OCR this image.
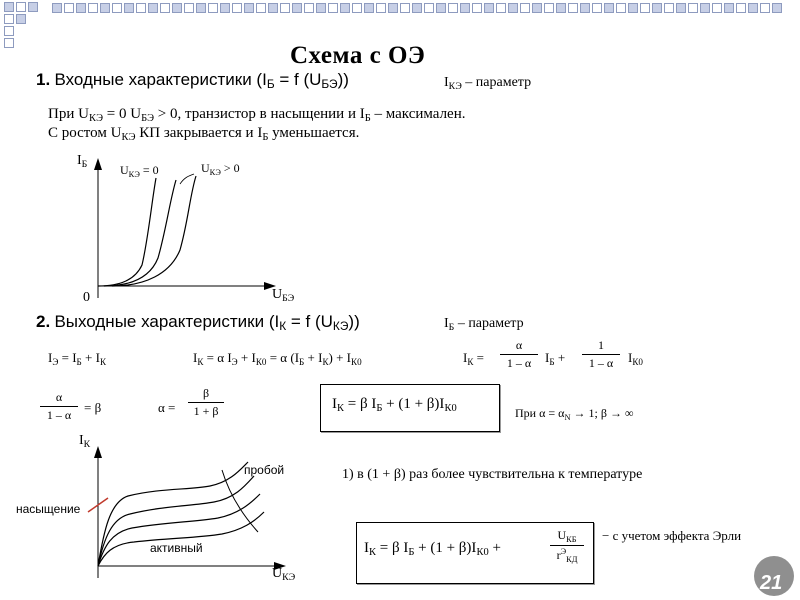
Схема с ОЭ
1. Входные характеристики ($I_Б = f$ $(U_{БЭ})$)	$I_{КЭ}$ – параметр
При $U_{КЭ} = 0$ $U_{БЭ} > 0$, транзистор в насыщении и $I_Б$ – максимален.
С ростом $U_{КЭ}$ КП закрывается и $I_Б$ уменьшается.
$I_Б$	$U_{КЭ} = 0$	$U_{КЭ} > 0$
0	$U_{БЭ}$
2. Выходные характеристики ($I_К = f$ $(U_{КЭ})$)	$I_Б$ – параметр
$I_Э = I_Б + I_К$	$I_К = \alpha$ $I_Э + I_{К0} = \alpha$ $(I_Б + I_К) + I_{К0}$	$I_К$ =
α
1 – α	$I_Б$ +
1
1 – α	$I_{К0}$
α
1 – α = β	α =
β
1 + β	$I_К = \beta$ $I_Б + (1 + \beta)I_{К0}$	При $\alpha = \alpha_N \to 1$; β → ∞
$I_К$
пробой
насыщение
активный
$U_{КЭ}$
1) в (1 + β) раз более чувствительна к температуре
$I_К = \beta$ $I_Б + (1 + \beta)I_{К0}$ +
$U_{КБ}$
$r^Э_{КД}$
− с учетом эффекта Эрли
21
